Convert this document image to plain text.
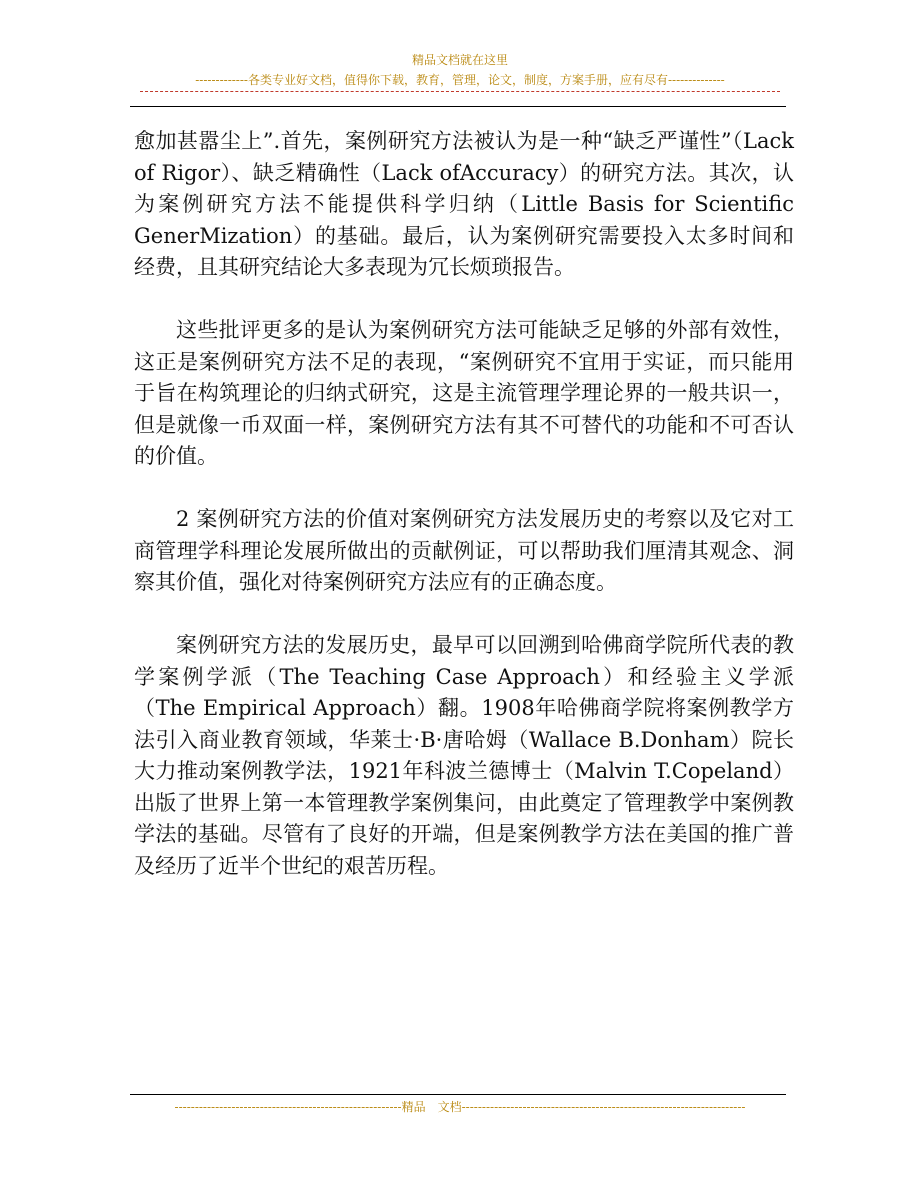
精品文档就在这里
-------------各类专业好文档，值得你下载，教育，管理，论文，制度，方案手册，应有尽有--------------

愈加甚嚣尘上”.首先，案例研究方法被认为是一种“缺乏严谨性”（Lack of Rigor）、缺乏精确性（Lack ofAccuracy）的研究方法。其次，认为案例研究方法不能提供科学归纳（Little Basis for Scientific GenerMization）的基础。最后，认为案例研究需要投入太多时间和经费，且其研究结论大多表现为冗长烦琐报告。

这些批评更多的是认为案例研究方法可能缺乏足够的外部有效性，这正是案例研究方法不足的表现，“案例研究不宜用于实证，而只能用于旨在构筑理论的归纳式研究，这是主流管理学理论界的一般共识一，但是就像一币双面一样，案例研究方法有其不可替代的功能和不可否认的价值。

2 案例研究方法的价值对案例研究方法发展历史的考察以及它对工商管理学科理论发展所做出的贡献例证，可以帮助我们厘清其观念、洞察其价值，强化对待案例研究方法应有的正确态度。

案例研究方法的发展历史，最早可以回溯到哈佛商学院所代表的教学案例学派（The Teaching Case Approach）和经验主义学派（The Empirical Approach）翻。1908年哈佛商学院将案例教学方法引入商业教育领域，华莱士·B·唐哈姆（Wallace B.Donham）院长大力推动案例教学法，1921年科波兰德博士（Malvin T.Copeland）出版了世界上第一本管理教学案例集问，由此奠定了管理教学中案例教学法的基础。尽管有了良好的开端，但是案例教学方法在美国的推广普及经历了近半个世纪的艰苦历程。

--------------------------------------------------------精品　文档----------------------------------------------------------------------
